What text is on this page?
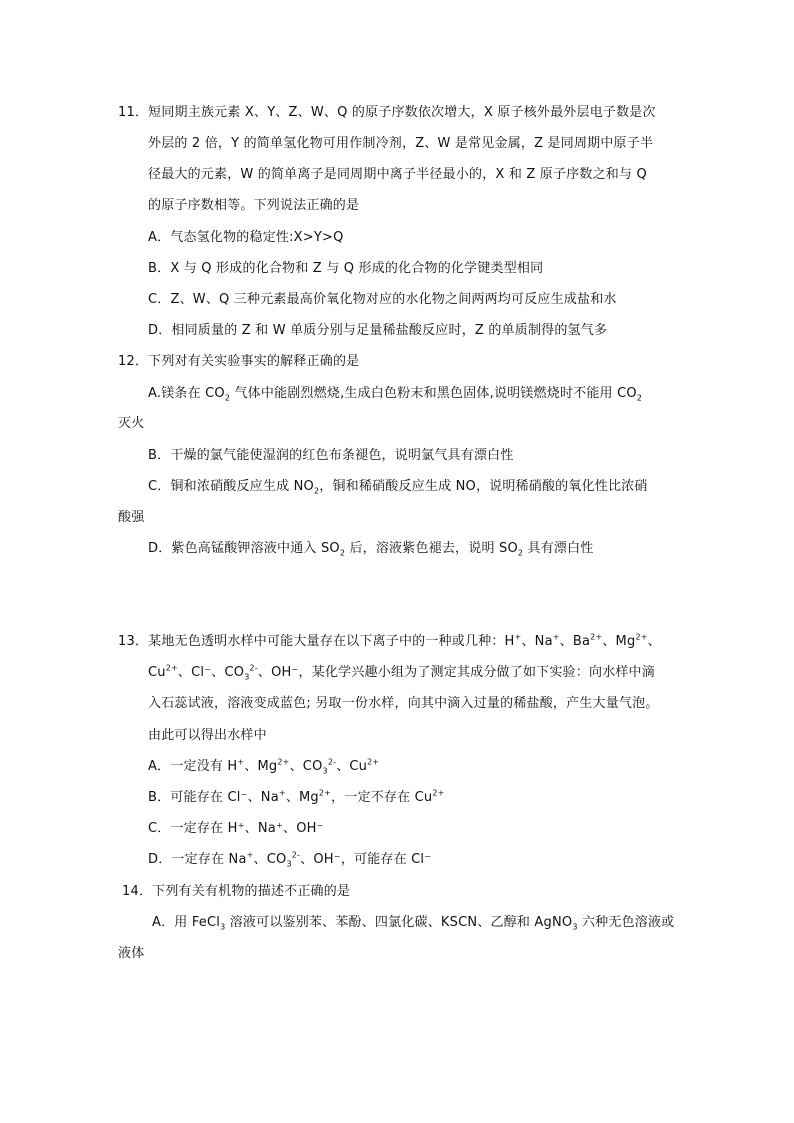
11．短同期主族元素 X、Y、Z、W、Q 的原子序数依次增大，X 原子核外最外层电子数是次
外层的 2 倍，Y 的简单氢化物可用作制冷剂，Z、W 是常见金属，Z 是同周期中原子半
径最大的元素，W 的简单离子是同周期中离子半径最小的，X 和 Z 原子序数之和与 Q
的原子序数相等。下列说法正确的是
A．气态氢化物的稳定性:X>Y>Q
B．X 与 Q 形成的化合物和 Z 与 Q 形成的化合物的化学键类型相同
C．Z、W、Q 三种元素最高价氧化物对应的水化物之间两两均可反应生成盐和水
D．相同质量的 Z 和 W 单质分别与足量稀盐酸反应时，Z 的单质制得的氢气多
12．下列对有关实验事实的解释正确的是
A.镁条在 $CO_2$ 气体中能剧烈燃烧,生成白色粉末和黑色固体,说明镁燃烧时不能用 $CO_2$
灭火
B．干燥的氯气能使湿润的红色布条褪色，说明氯气具有漂白性
C．铜和浓硝酸反应生成 $NO_2$，铜和稀硝酸反应生成 NO，说明稀硝酸的氧化性比浓硝
酸强
D．紫色高锰酸钾溶液中通入 $SO_2$ 后，溶液紫色褪去，说明 $SO_2$ 具有漂白性
13．某地无色透明水样中可能大量存在以下离子中的一种或几种：H+、Na+、$Ba^{2+}$、$Mg^{2+}$、
$Cu^{2+}$、Cl⁻、$CO_3^{2-}$、OH⁻，某化学兴趣小组为了测定其成分做了如下实验：向水样中滴
入石蕊试液，溶液变成蓝色; 另取一份水样，向其中滴入过量的稀盐酸，产生大量气泡。
由此可以得出水样中
A．一定没有 H+、$Mg^{2+}$、$CO_3^{2-}$、$Cu^{2+}$
B．可能存在 Cl⁻、Na+、$Mg^{2+}$，一定不存在 $Cu^{2+}$
C．一定存在 H⁺、Na⁺、OH⁻
D．一定存在 Na+、$CO_3^{2-}$、OH⁻，可能存在 Cl⁻
14．下列有关有机物的描述不正确的是
A．用 FeCl$_3$ 溶液可以鉴别苯、苯酚、四氯化碳、KSCN、乙醇和 AgNO$_3$ 六种无色溶液或
液体
